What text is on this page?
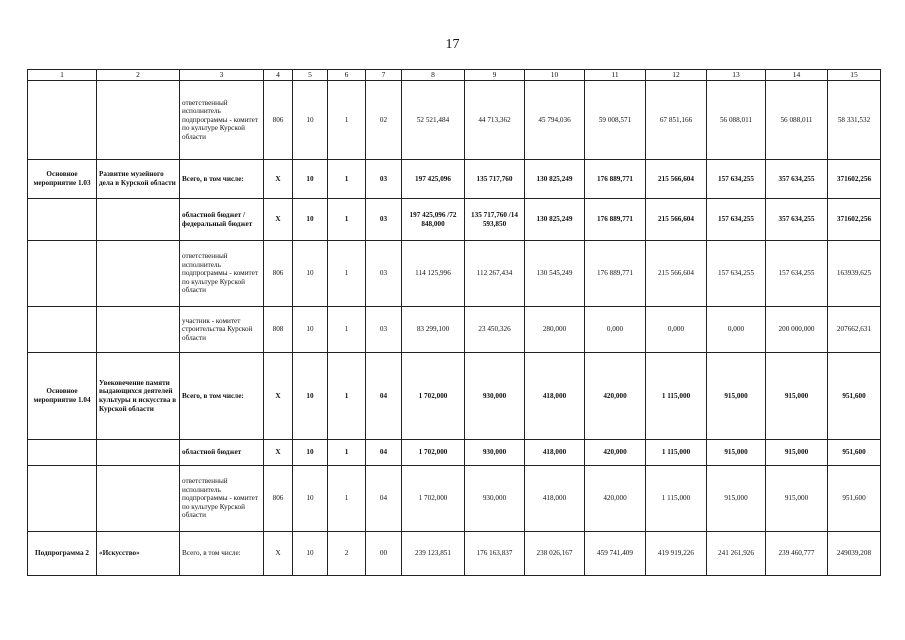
17
1	2	3	4	5	6	7	8	9	10	11	12	13	14	15
		ответственный исполнитель подпрограммы - комитет по культуре Курской области	806	10	1	02	52 521,484	44 713,362	45 794,036	59 008,571	67 851,166	56 088,011	56 088,011	58 331,532
Основное мероприятие 1.03	Развитие музейного дела в Курской области	Всего, в том числе:	X	10	1	03	197 425,096	135 717,760	130 825,249	176 889,771	215 566,604	157 634,255	357 634,255	371602,256
		областной бюджет /федеральный бюджет	X	10	1	03	197 425,096 /72 848,000	135 717,760 /14 593,850	130 825,249	176 889,771	215 566,604	157 634,255	357 634,255	371602,256
		ответственный исполнитель подпрограммы - комитет по культуре Курской области	806	10	1	03	114 125,996	112 267,434	130 545,249	176 889,771	215 566,604	157 634,255	157 634,255	163939,625
		участник - комитет строительства Курской области	808	10	1	03	83 299,100	23 450,326	280,000	0,000	0,000	0,000	200 000,000	207662,631
Основное мероприятие 1.04	Увековечение памяти выдающихся деятелей культуры и искусства в Курской области	Всего, в том числе:	X	10	1	04	1 702,000	930,000	418,000	420,000	1 115,000	915,000	915,000	951,600
		областной бюджет	X	10	1	04	1 702,000	930,000	418,000	420,000	1 115,000	915,000	915,000	951,600
		ответственный исполнитель подпрограммы - комитет по культуре Курской области	806	10	1	04	1 702,000	930,000	418,000	420,000	1 115,000	915,000	915,000	951,600
Подпрограмма 2	«Искусство»	Всего, в том числе:	X	10	2	00	239 123,851	176 163,837	238 026,167	459 741,409	419 919,226	241 261,926	239 460,777	249039,208
